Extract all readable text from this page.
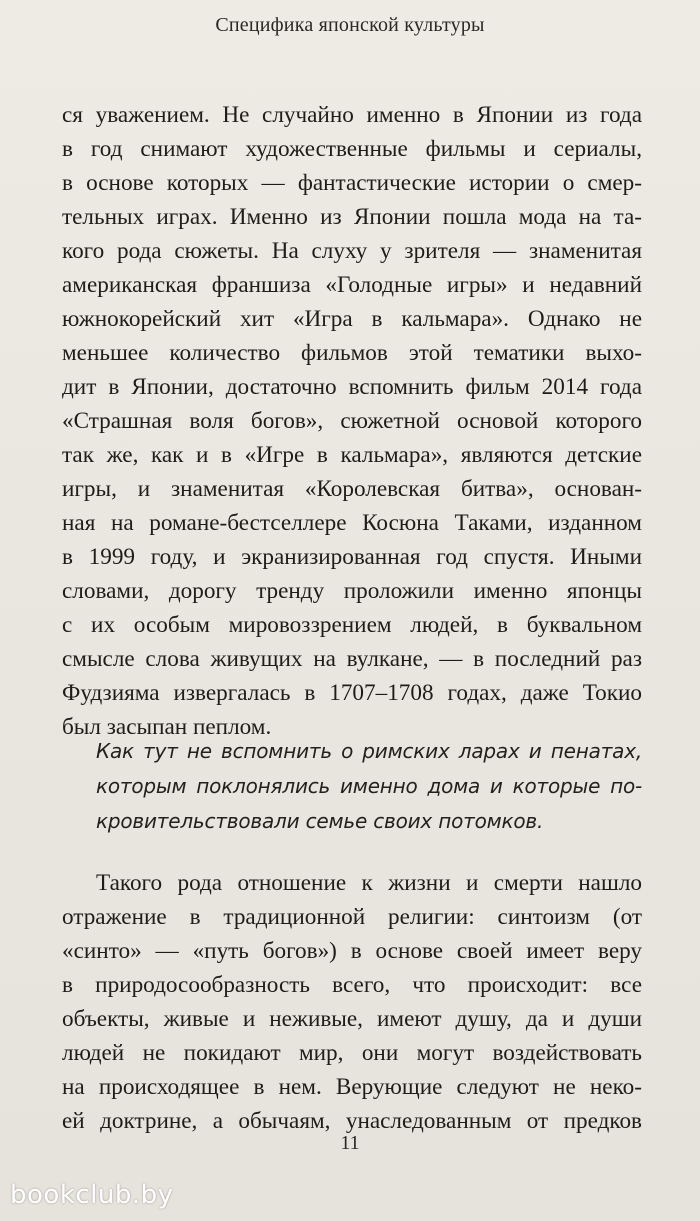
Специфика японской культуры
ся уважением. Не случайно именно в Японии из года
в год снимают художественные фильмы и сериалы,
в основе которых — фантастические истории о смер-
тельных играх. Именно из Японии пошла мода на та-
кого рода сюжеты. На слуху у зрителя — знаменитая
американская франшиза «Голодные игры» и недавний
южнокорейский хит «Игра в кальмара». Однако не
меньшее количество фильмов этой тематики выхо-
дит в Японии, достаточно вспомнить фильм 2014 года
«Страшная воля богов», сюжетной основой которого
так же, как и в «Игре в кальмара», являются детские
игры, и знаменитая «Королевская битва», основан-
ная на романе-бестселлере Косюна Таками, изданном
в 1999 году, и экранизированная год спустя. Иными
словами, дорогу тренду проложили именно японцы
с их особым мировоззрением людей, в буквальном
смысле слова живущих на вулкане, — в последний раз
Фудзияма извергалась в 1707–1708 годах, даже Токио
был засыпан пеплом.
Как тут не вспомнить о римских ларах и пенатах,
которым поклонялись именно дома и которые по-
кровительствовали семье своих потомков.
Такого рода отношение к жизни и смерти нашло
отражение в традиционной религии: синтоизм (от
«синто» — «путь богов») в основе своей имеет веру
в природосообразность всего, что происходит: все
объекты, живые и неживые, имеют душу, да и души
людей не покидают мир, они могут воздействовать
на происходящее в нем. Верующие следуют не неко-
ей доктрине, а обычаям, унаследованным от предков
11
bookclub.by
